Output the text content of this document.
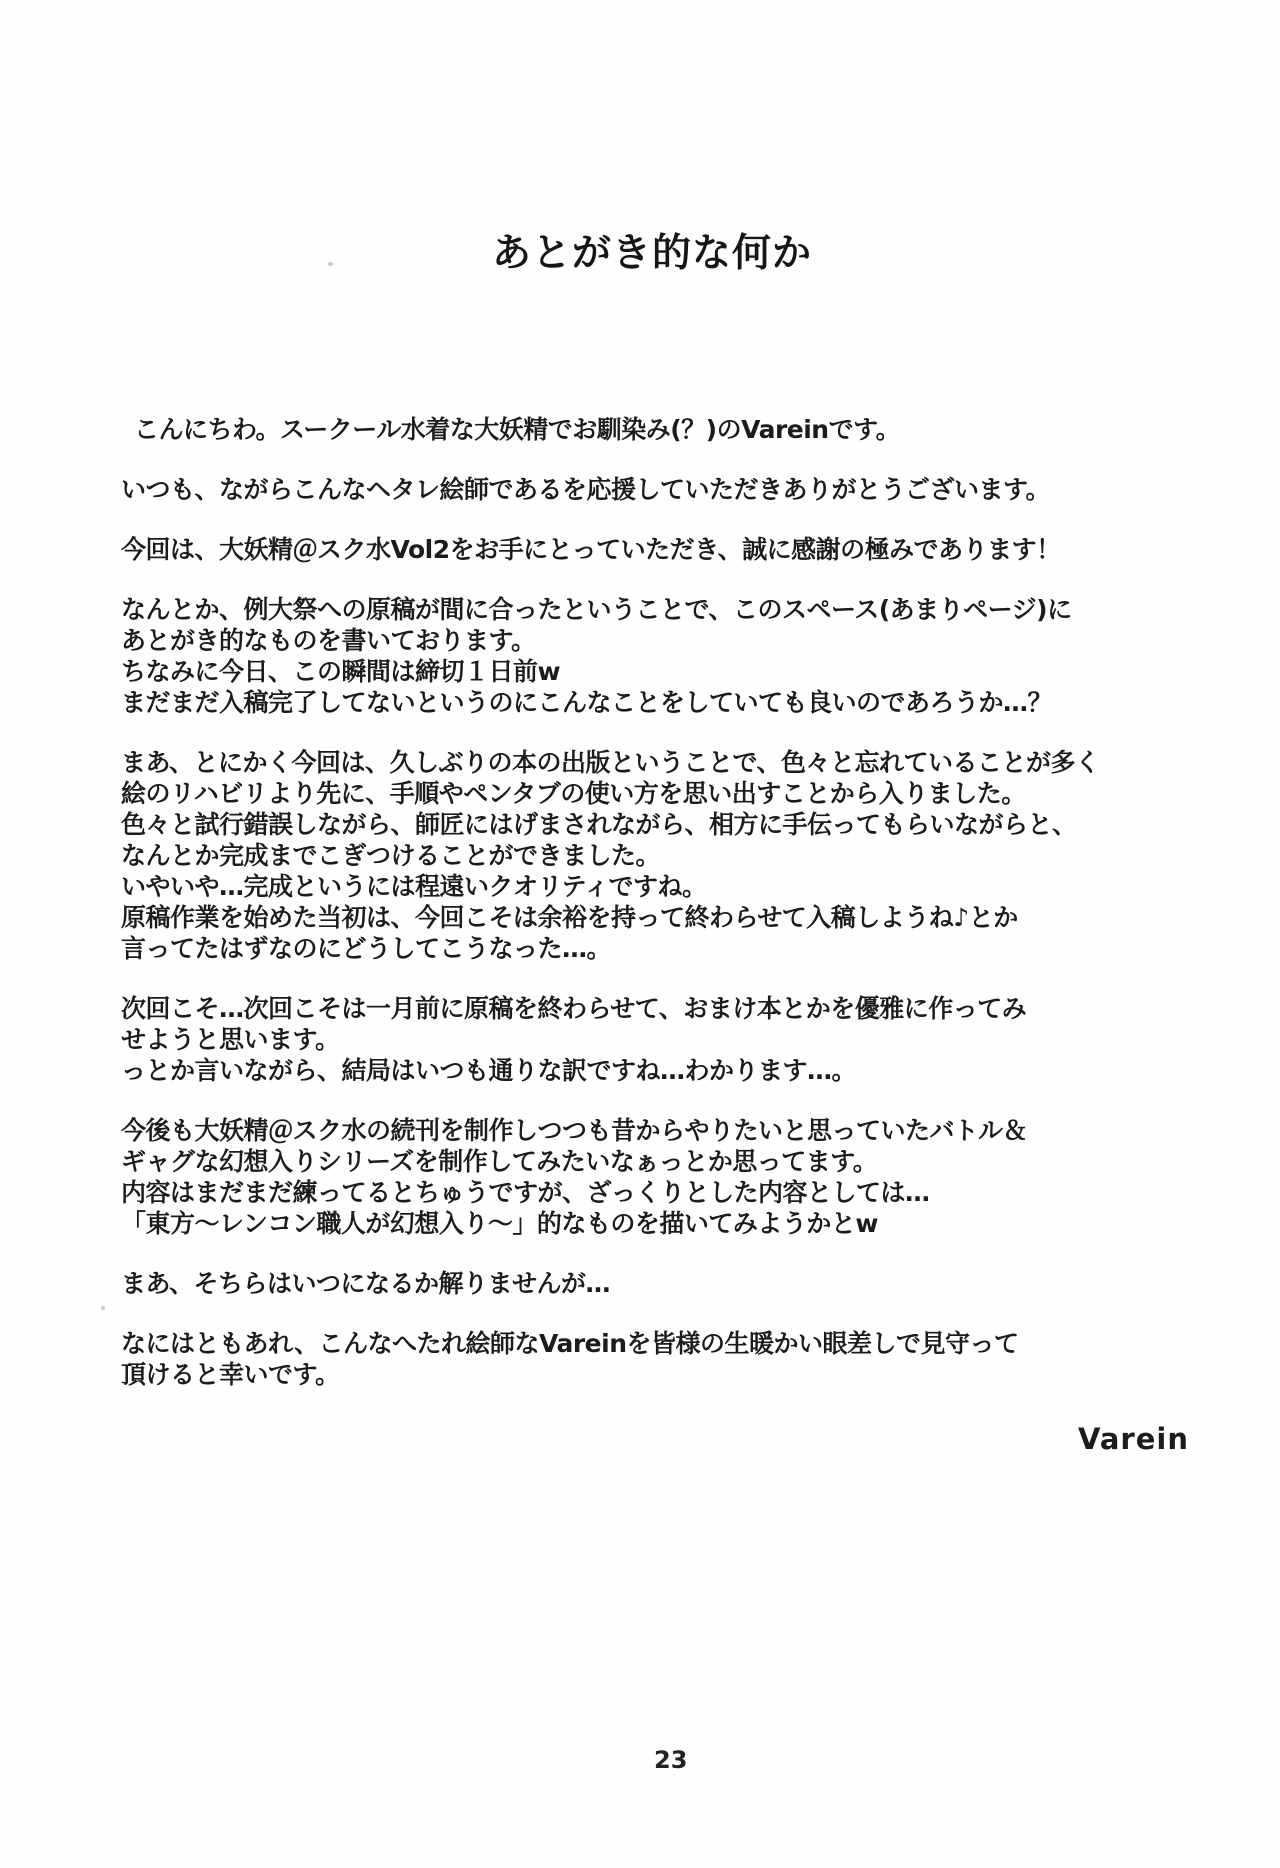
あとがき的な何か
こんにちわ。スークール水着な大妖精でお馴染み(？)のVareinです。
いつも、ながらこんなヘタレ絵師であるを応援していただきありがとうございます。
今回は、大妖精＠スク水Vol2をお手にとっていただき、誠に感謝の極みであります！
なんとか、例大祭への原稿が間に合ったということで、このスペース(あまりページ)に
あとがき的なものを書いております。
ちなみに今日、この瞬間は締切１日前w
まだまだ入稿完了してないというのにこんなことをしていても良いのであろうか…？
まあ、とにかく今回は、久しぶりの本の出版ということで、色々と忘れていることが多く
絵のリハビリより先に、手順やペンタブの使い方を思い出すことから入りました。
色々と試行錯誤しながら、師匠にはげまされながら、相方に手伝ってもらいながらと、
なんとか完成までこぎつけることができました。
いやいや…完成というには程遠いクオリティですね。
原稿作業を始めた当初は、今回こそは余裕を持って終わらせて入稿しようね♪とか
言ってたはずなのにどうしてこうなった…。
次回こそ…次回こそは一月前に原稿を終わらせて、おまけ本とかを優雅に作ってみ
せようと思います。
っとか言いながら、結局はいつも通りな訳ですね…わかります…。
今後も大妖精＠スク水の続刊を制作しつつも昔からやりたいと思っていたバトル＆
ギャグな幻想入りシリーズを制作してみたいなぁっとか思ってます。
内容はまだまだ練ってるとちゅうですが、ざっくりとした内容としては…
「東方～レンコン職人が幻想入り～」的なものを描いてみようかとw
まあ、そちらはいつになるか解りませんが…
なにはともあれ、こんなへたれ絵師なVareinを皆様の生暖かい眼差しで見守って
頂けると幸いです。
Varein
23
